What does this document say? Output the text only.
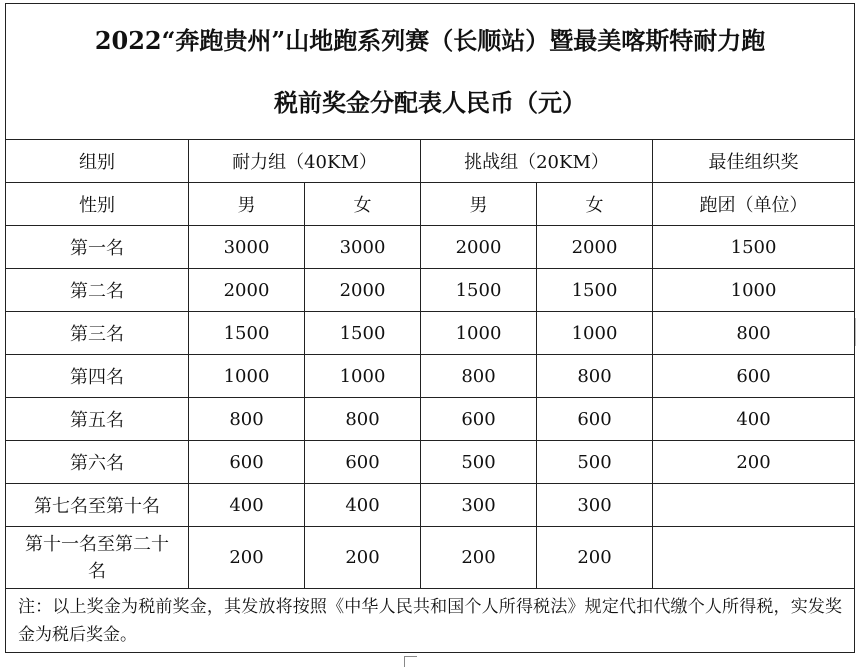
2022“奔跑贵州”山地跑系列赛（长顺站）暨最美喀斯特耐力跑
税前奖金分配表人民币（元）					

组别	耐力组（40KM）		挑战组（20KM）		最佳组织奖
性别	男	女	男	女	跑团（单位）
第一名	3000	3000	2000	2000	1500
第二名	2000	2000	1500	1500	1000
第三名	1500	1500	1000	1000	800
第四名	1000	1000	800	800	600
第五名	800	800	600	600	400
第六名	600	600	500	500	200
第七名至第十名	400	400	300	300	
第十一名至第二十名	200	200	200	200	
注：以上奖金为税前奖金，其发放将按照《中华人民共和国个人所得税法》规定代扣代缴个人所得税，实发奖金为税后奖金。					
